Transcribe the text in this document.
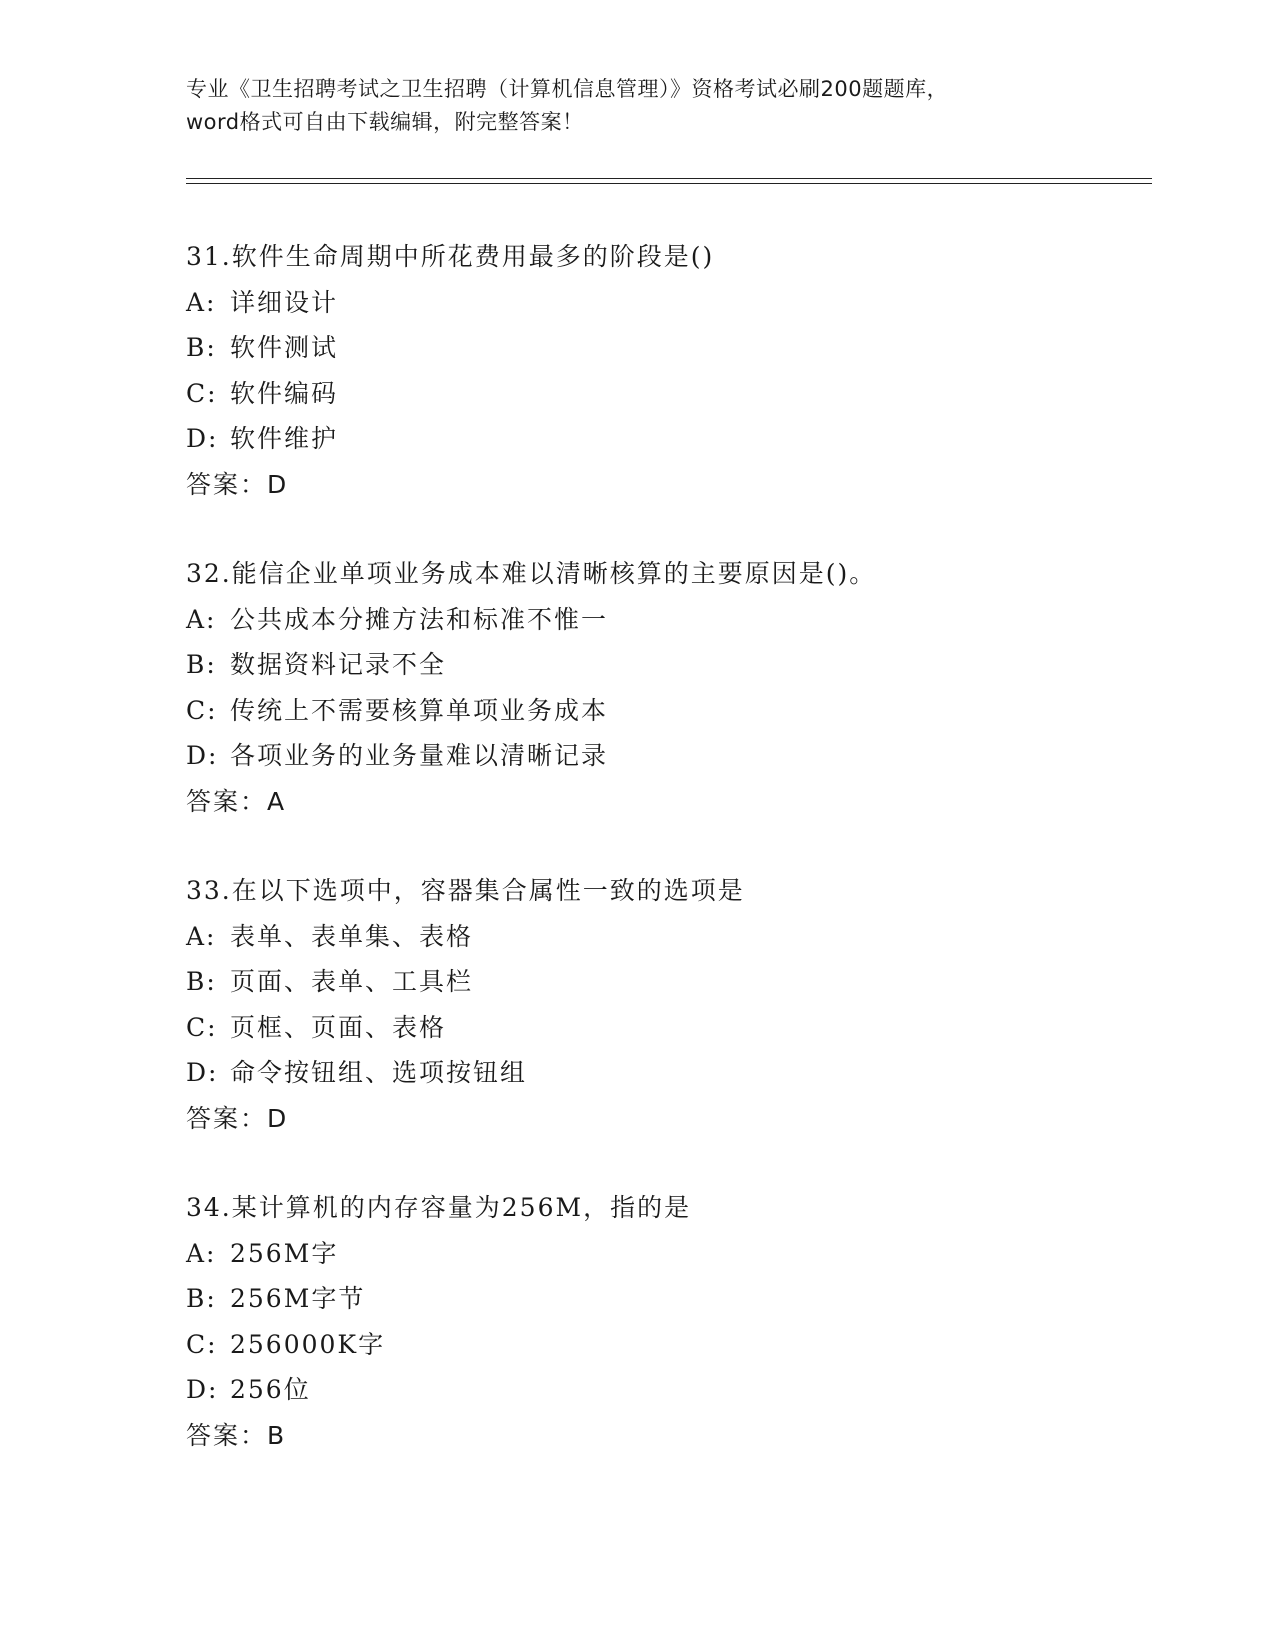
专业《卫生招聘考试之卫生招聘（计算机信息管理）》资格考试必刷200题题库，

word格式可自由下载编辑，附完整答案！

31.软件生命周期中所花费用最多的阶段是()
A: 详细设计
B: 软件测试
C: 软件编码
D: 软件维护
答案：D
32.能信企业单项业务成本难以清晰核算的主要原因是()。
A: 公共成本分摊方法和标准不惟一
B: 数据资料记录不全
C: 传统上不需要核算单项业务成本
D: 各项业务的业务量难以清晰记录
答案：A
33.在以下选项中，容器集合属性一致的选项是
A: 表单、表单集、表格
B: 页面、表单、工具栏
C: 页框、页面、表格
D: 命令按钮组、选项按钮组
答案：D
34.某计算机的内存容量为256M，指的是
A: 256M字
B: 256M字节
C: 256000K字
D: 256位
答案：B
